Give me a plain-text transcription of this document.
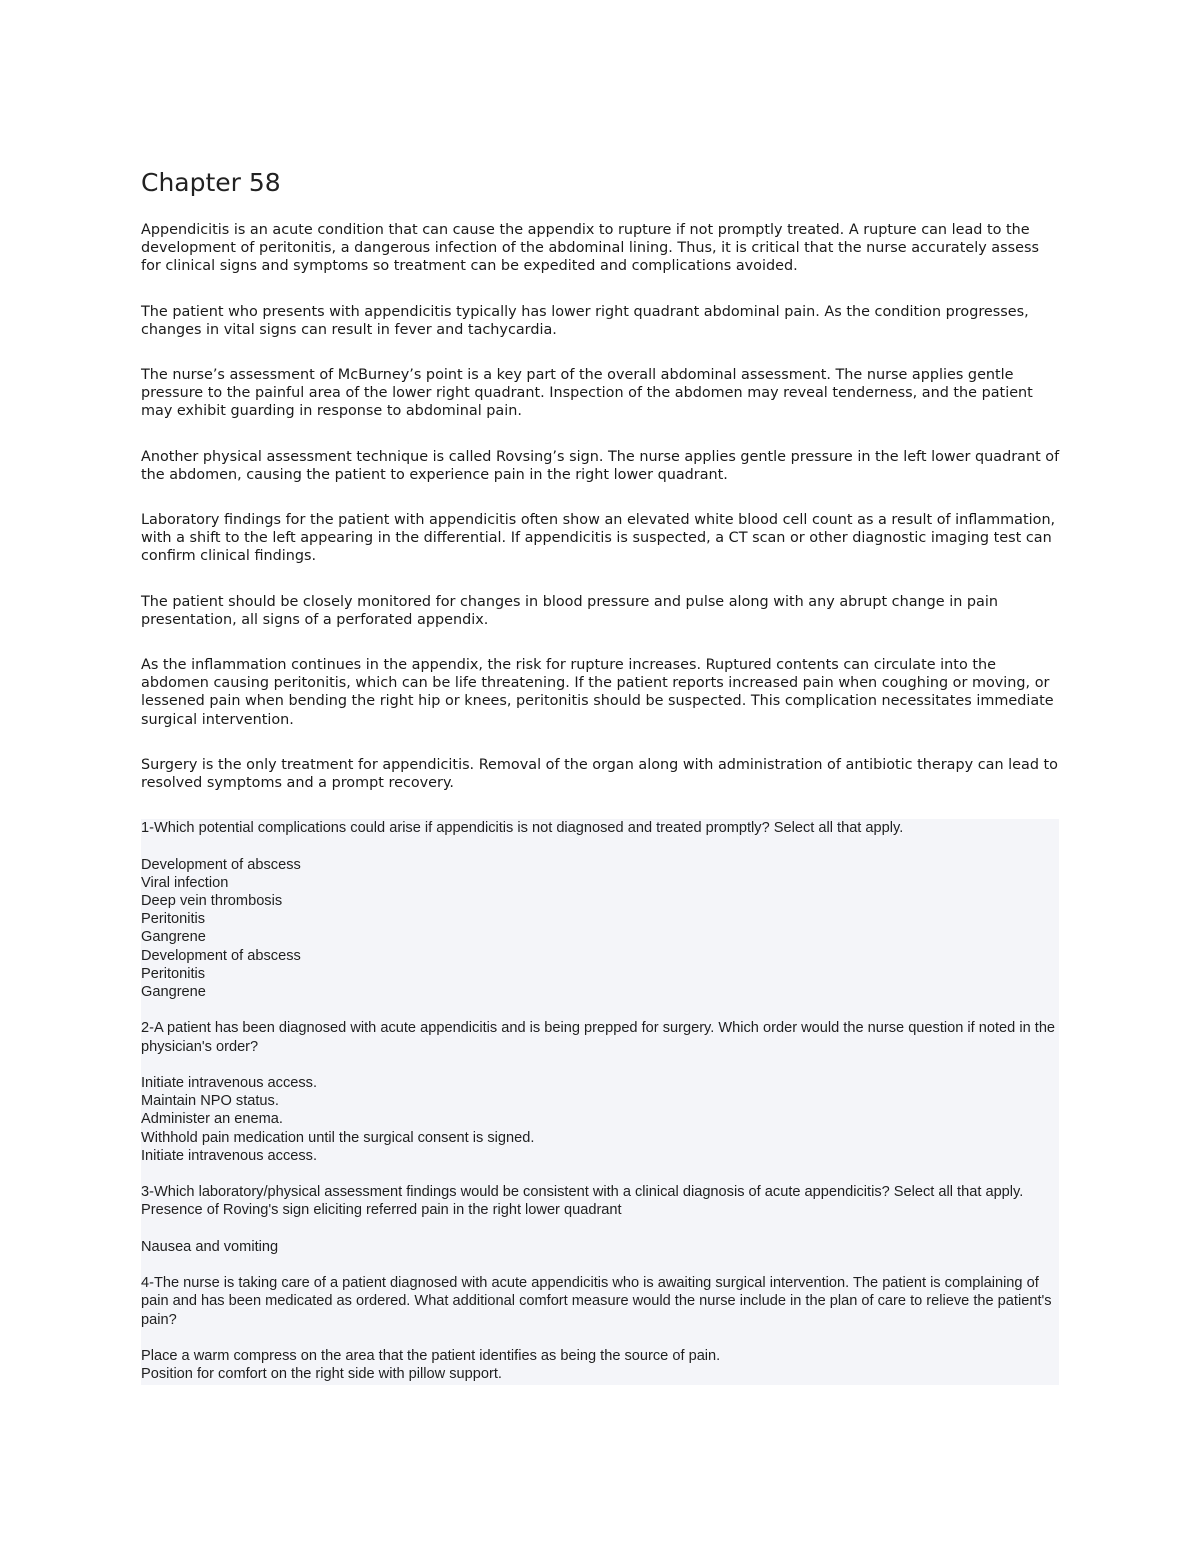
Chapter 58

Appendicitis is an acute condition that can cause the appendix to rupture if not promptly treated. A rupture can lead to the development of peritonitis, a dangerous infection of the abdominal lining. Thus, it is critical that the nurse accurately assess for clinical signs and symptoms so treatment can be expedited and complications avoided.

The patient who presents with appendicitis typically has lower right quadrant abdominal pain. As the condition progresses, changes in vital signs can result in fever and tachycardia.

The nurse’s assessment of McBurney’s point is a key part of the overall abdominal assessment. The nurse applies gentle pressure to the painful area of the lower right quadrant. Inspection of the abdomen may reveal tenderness, and the patient may exhibit guarding in response to abdominal pain.

Another physical assessment technique is called Rovsing’s sign. The nurse applies gentle pressure in the left lower quadrant of the abdomen, causing the patient to experience pain in the right lower quadrant.

Laboratory findings for the patient with appendicitis often show an elevated white blood cell count as a result of inflammation, with a shift to the left appearing in the differential. If appendicitis is suspected, a CT scan or other diagnostic imaging test can confirm clinical findings.

The patient should be closely monitored for changes in blood pressure and pulse along with any abrupt change in pain presentation, all signs of a perforated appendix.

As the inflammation continues in the appendix, the risk for rupture increases. Ruptured contents can circulate into the abdomen causing peritonitis, which can be life threatening. If the patient reports increased pain when coughing or moving, or lessened pain when bending the right hip or knees, peritonitis should be suspected. This complication necessitates immediate surgical intervention.

Surgery is the only treatment for appendicitis. Removal of the organ along with administration of antibiotic therapy can lead to resolved symptoms and a prompt recovery.

1-Which potential complications could arise if appendicitis is not diagnosed and treated promptly? Select all that apply.

Development of abscess

Viral infection

Deep vein thrombosis

Peritonitis

Gangrene

Development of abscess

Peritonitis

Gangrene

2-A patient has been diagnosed with acute appendicitis and is being prepped for surgery. Which order would the nurse question if noted in the physician's order?

Initiate intravenous access.

Maintain NPO status.

Administer an enema.

Withhold pain medication until the surgical consent is signed.

Initiate intravenous access.

3-Which laboratory/physical assessment findings would be consistent with a clinical diagnosis of acute appendicitis? Select all that apply.

Presence of Roving's sign eliciting referred pain in the right lower quadrant

Nausea and vomiting

4-The nurse is taking care of a patient diagnosed with acute appendicitis who is awaiting surgical intervention. The patient is complaining of pain and has been medicated as ordered. What additional comfort measure would the nurse include in the plan of care to relieve the patient's pain?

Place a warm compress on the area that the patient identifies as being the source of pain.

Position for comfort on the right side with pillow support.
